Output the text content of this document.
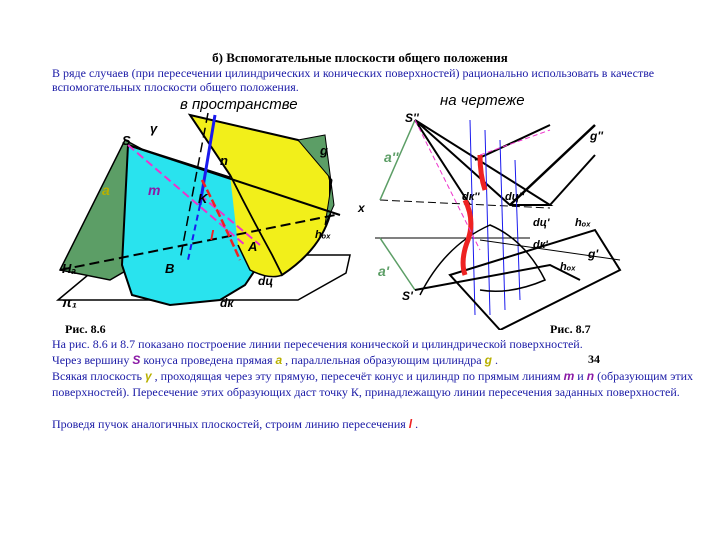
б) Вспомогательные плоскости общего положения
В ряде случаев (при пересечении цилиндрических и конических поверхностей) рационально использовать в качестве вспомогательных плоскости общего положения.
S
γ
g
a	m
n
K
l
Hₐ
π₁
B
A
hₒₓ
dц
dк
в пространстве
S''
g''
a''
x
dк'' dц''
dц' hₒₓ
dк'
g'
hₒₓ
a'
S'
на чертеже
Рис. 8.6	Рис. 8.7
На рис. 8.6 и 8.7 показано построение линии пересечения конической и цилиндрической поверхностей.
Через вершину S конуса проведена прямая a , параллельная образующим цилиндра g .	34
Всякая плоскость γ , проходящая через эту прямую, пересечёт конус и цилиндр по прямым линиям m и n (образующим этих поверхностей). Пересечение этих образующих даст точку К, принадлежащую линии пересечения заданных поверхностей.
Проведя пучок аналогичных плоскостей, строим линию пересечения l .
